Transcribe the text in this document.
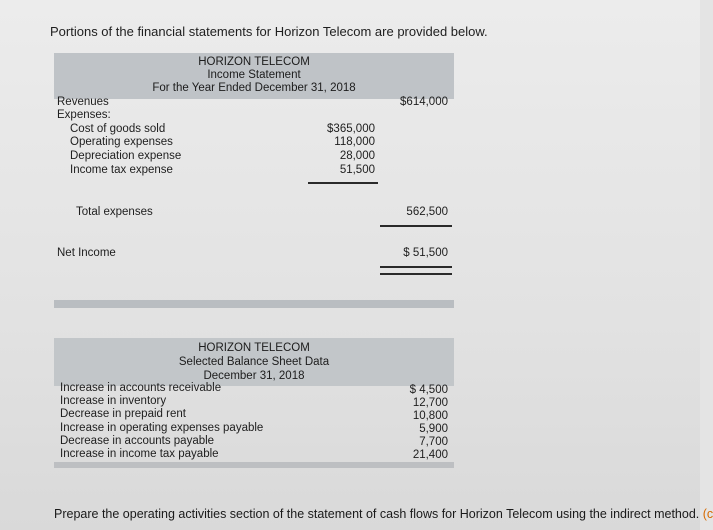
Portions of the financial statements for Horizon Telecom are provided below.
HORIZON TELECOM
Income Statement
For the Year Ended December 31, 2018
Revenues	$614,000
Expenses:
Cost of goods sold	$365,000
Operating expenses	118,000
Depreciation expense	28,000
Income tax expense	51,500
Total expenses	562,500
Net Income	$ 51,500
HORIZON TELECOM
Selected Balance Sheet Data
December 31, 2018
Increase in accounts receivable	$ 4,500
Increase in inventory	12,700
Decrease in prepaid rent	10,800
Increase in operating expenses payable	5,900
Decrease in accounts payable	7,700
Increase in income tax payable	21,400
Prepare the operating activities section of the statement of cash flows for Horizon Telecom using the indirect method. (c
